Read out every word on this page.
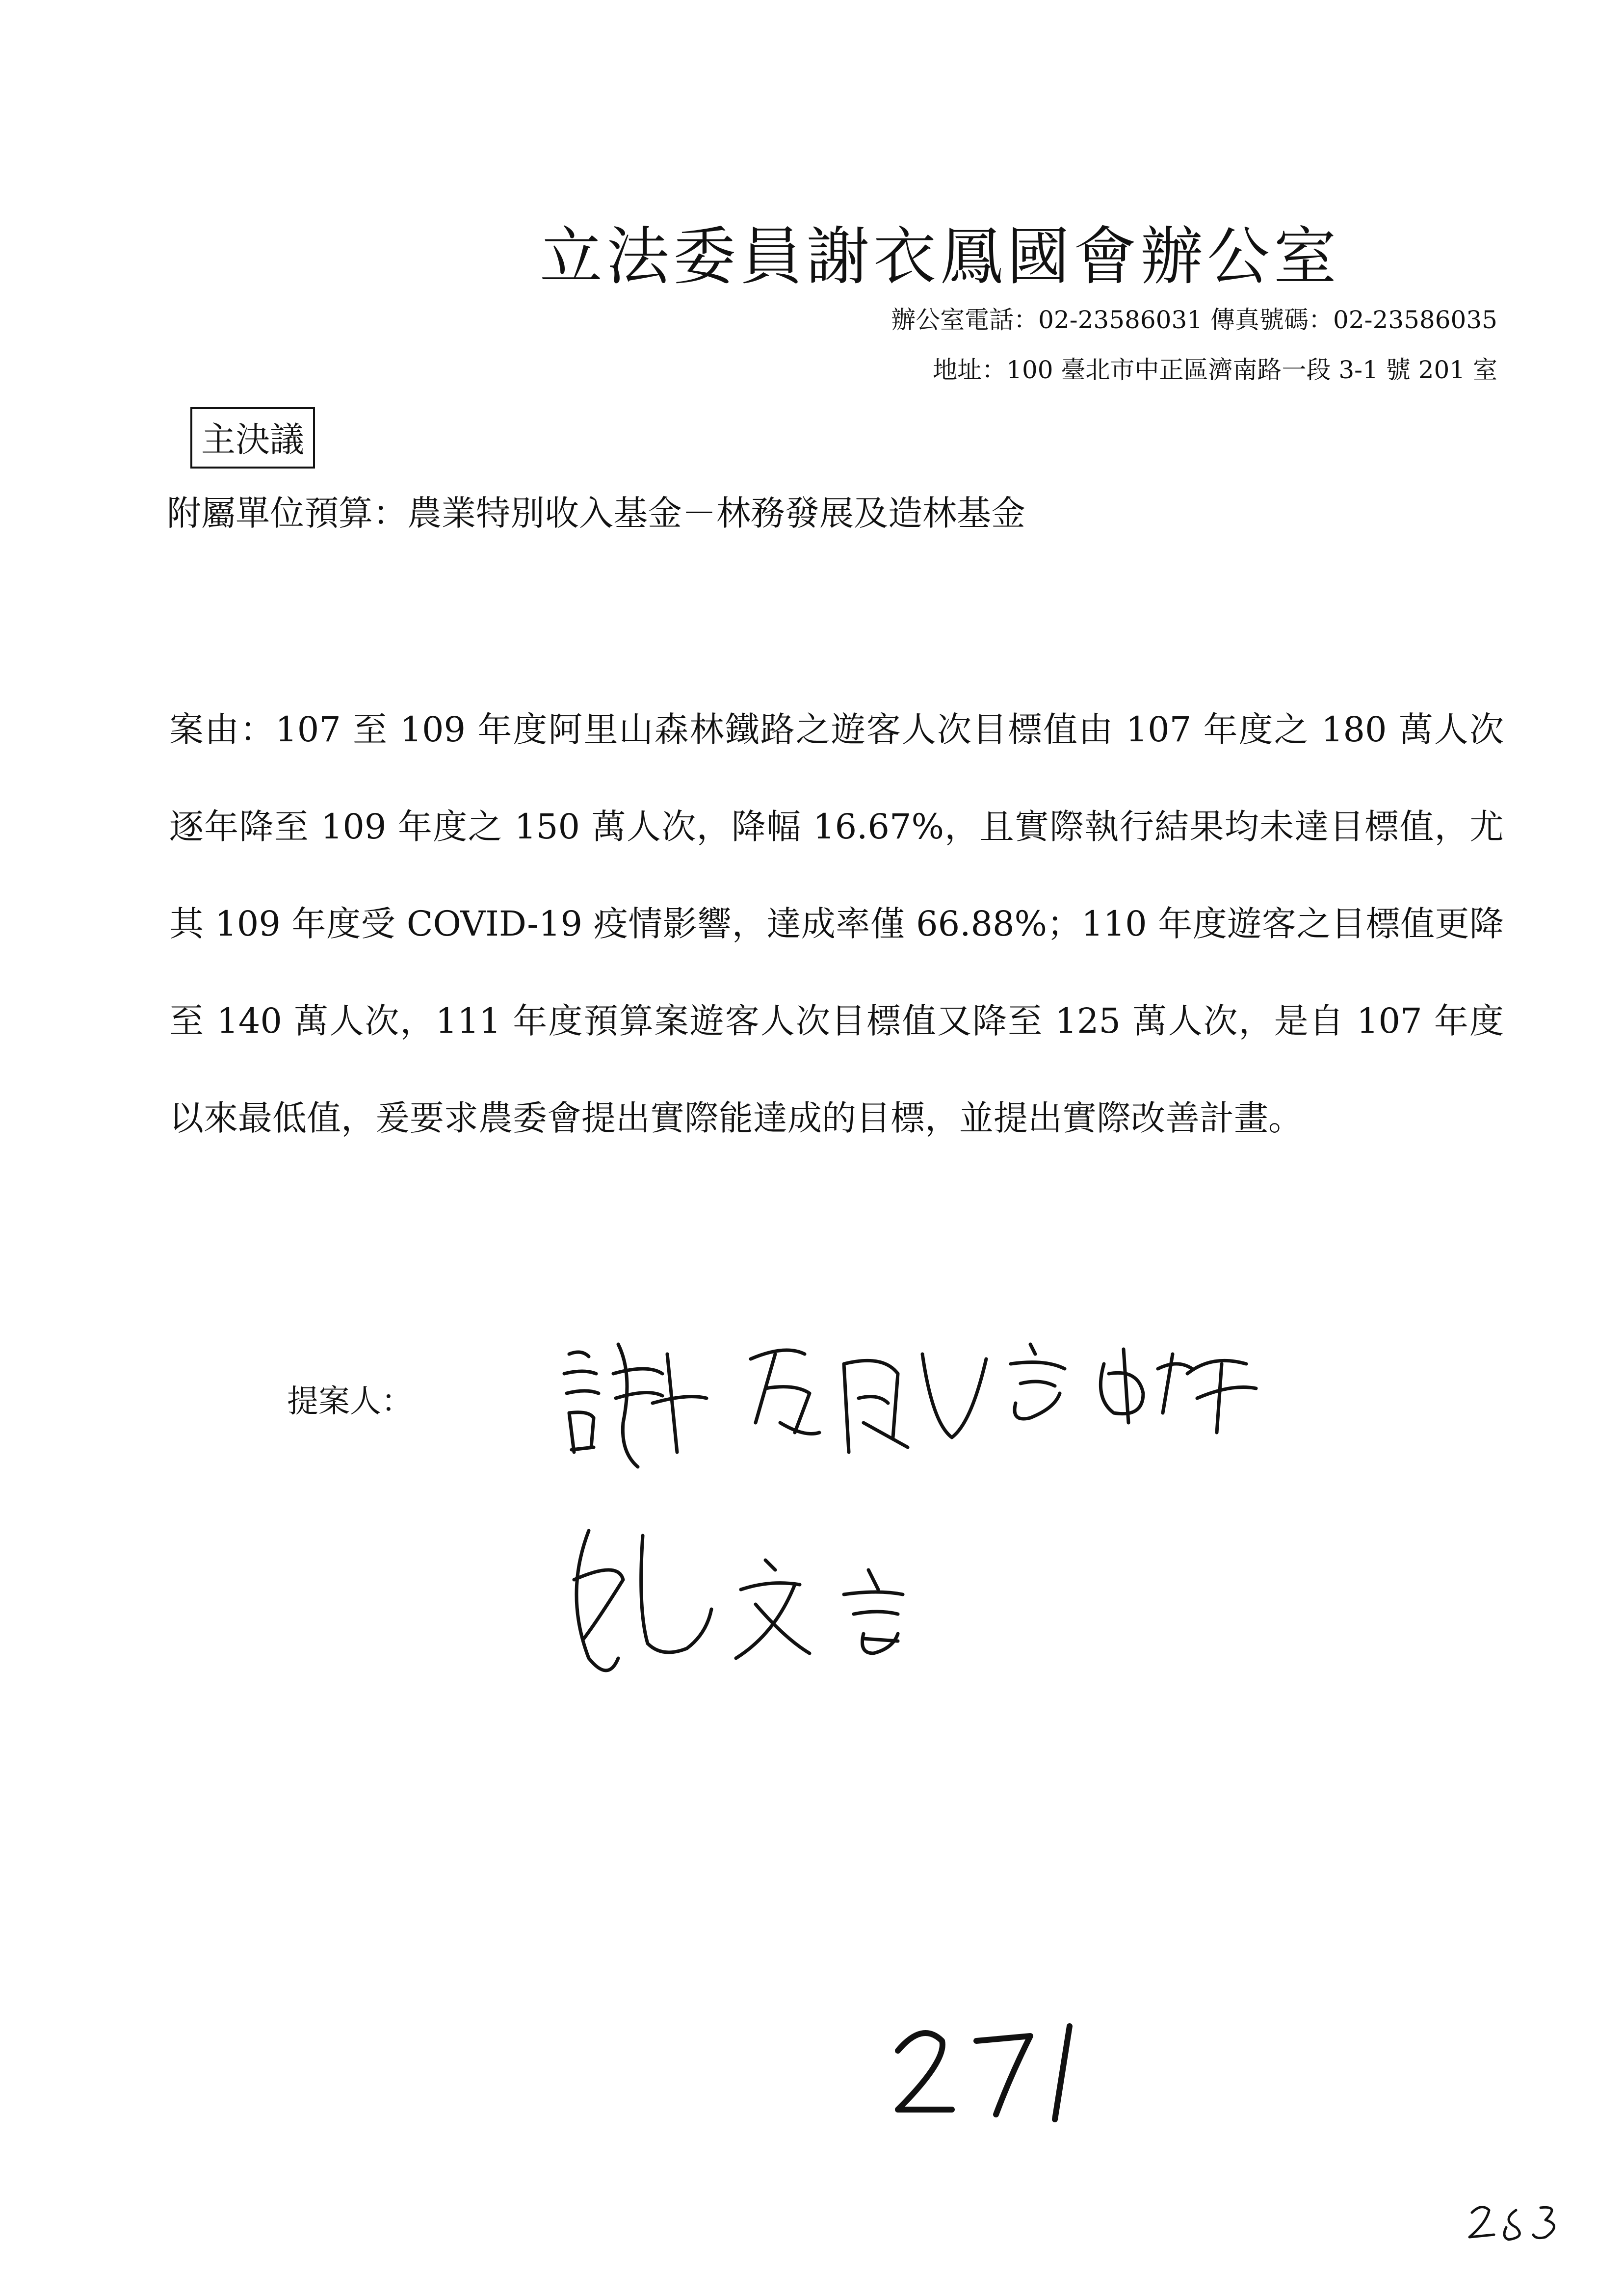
立法委員謝衣鳳國會辦公室
辦公室電話：02-23586031 傳真號碼：02-23586035
地址：100 臺北市中正區濟南路一段 3-1 號 201 室
主決議
附屬單位預算：農業特別收入基金－林務發展及造林基金
案由：107 至 109 年度阿里山森林鐵路之遊客人次目標值由 107 年度之 180 萬人次逐年降至 109 年度之 150 萬人次，降幅 16.67%，且實際執行結果均未達目標值，尤其 109 年度受 COVID-19 疫情影響，達成率僅 66.88%；110 年度遊客之目標值更降至 140 萬人次，111 年度預算案遊客人次目標值又降至 125 萬人次，是自 107 年度以來最低值，爰要求農委會提出實際能達成的目標，並提出實際改善計畫。
提案人：
